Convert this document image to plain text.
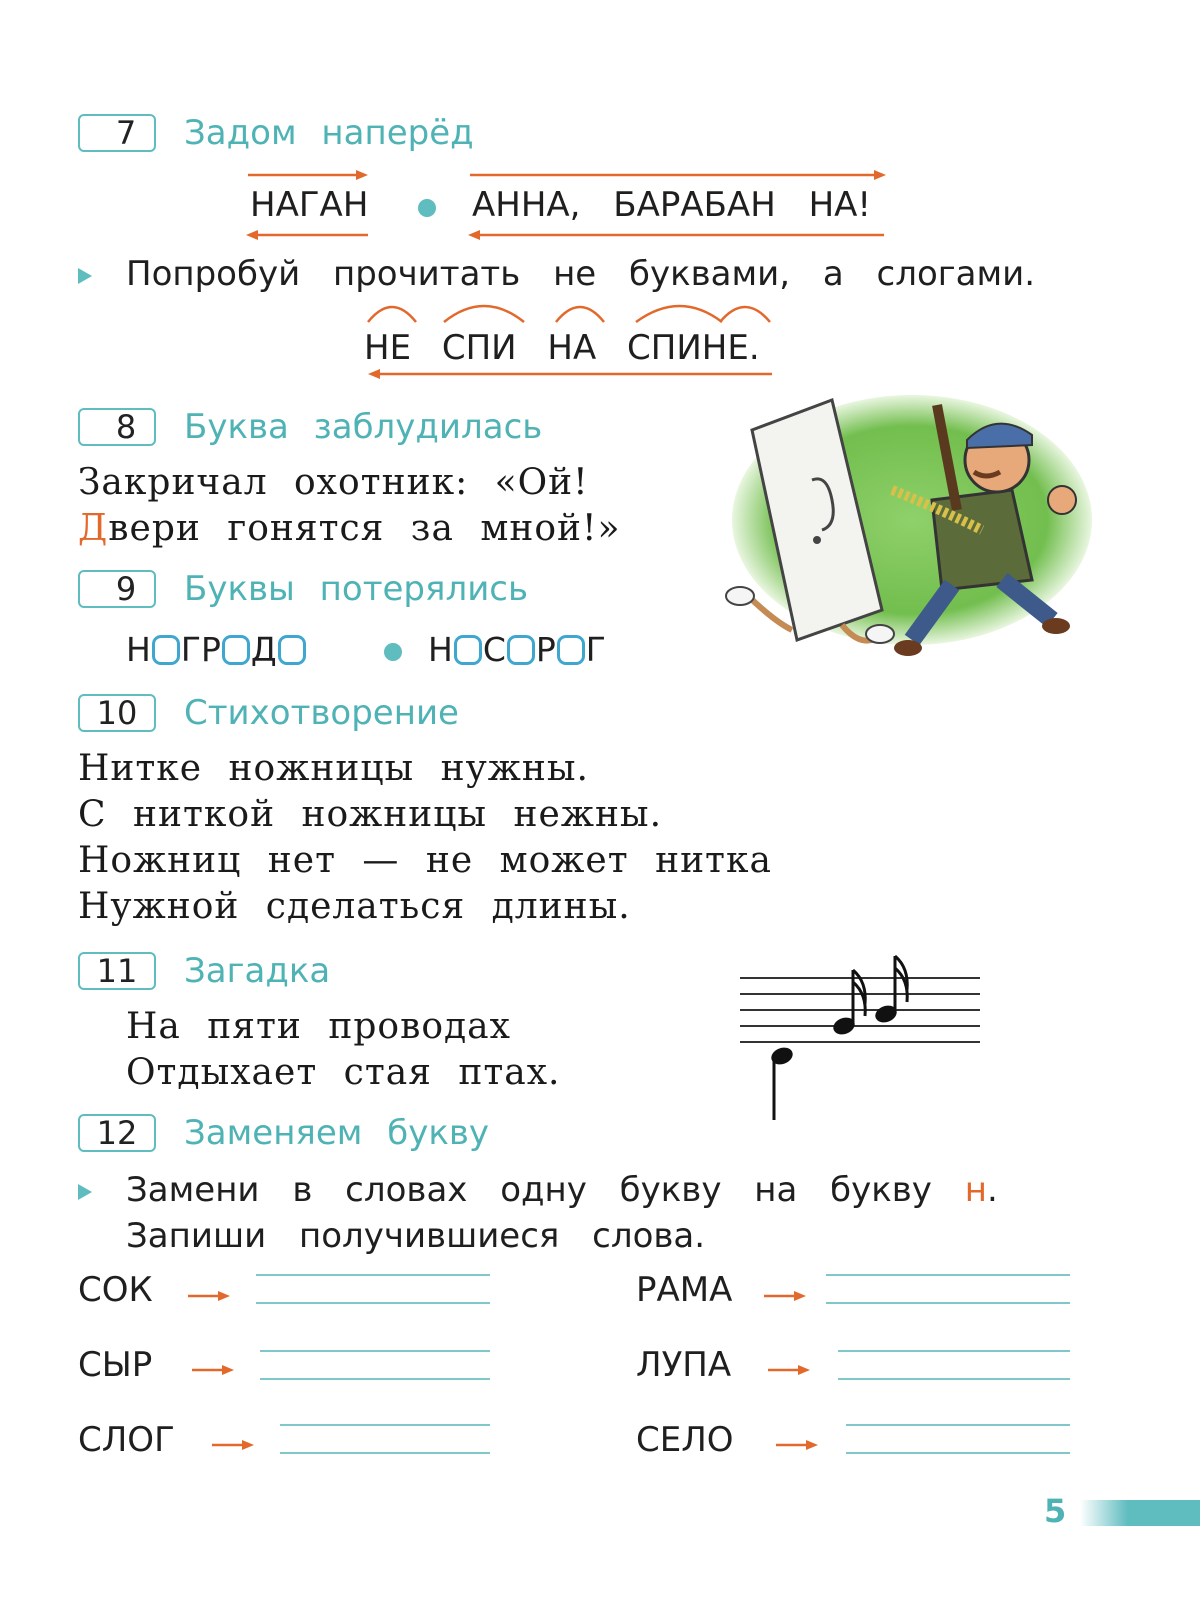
7	Задом наперёд
НАГАН	АННА, БАРАБАН НА!
Попробуй прочитать не буквами, а слогами.
НЕ СПИ НА СПИНЕ.
8	Буква заблудилась
Закричал охотник: «Ой!
Двери гонятся за мной!»
9	Буквы потерялись
Н ГР Д	Н С Р Г
10	Стихотворение
Нитке ножницы нужны.
С ниткой ножницы нежны.
Ножниц нет — не может нитка
Нужной сделаться длины.
11	Загадка
На пяти проводах
Отдыхает стая птах.
12	Заменяем букву
Замени в словах одну букву на букву н.
Запиши получившиеся слова.
СОК
СЫР
СЛОГ
РАМА
ЛУПА
СЕЛО
5
